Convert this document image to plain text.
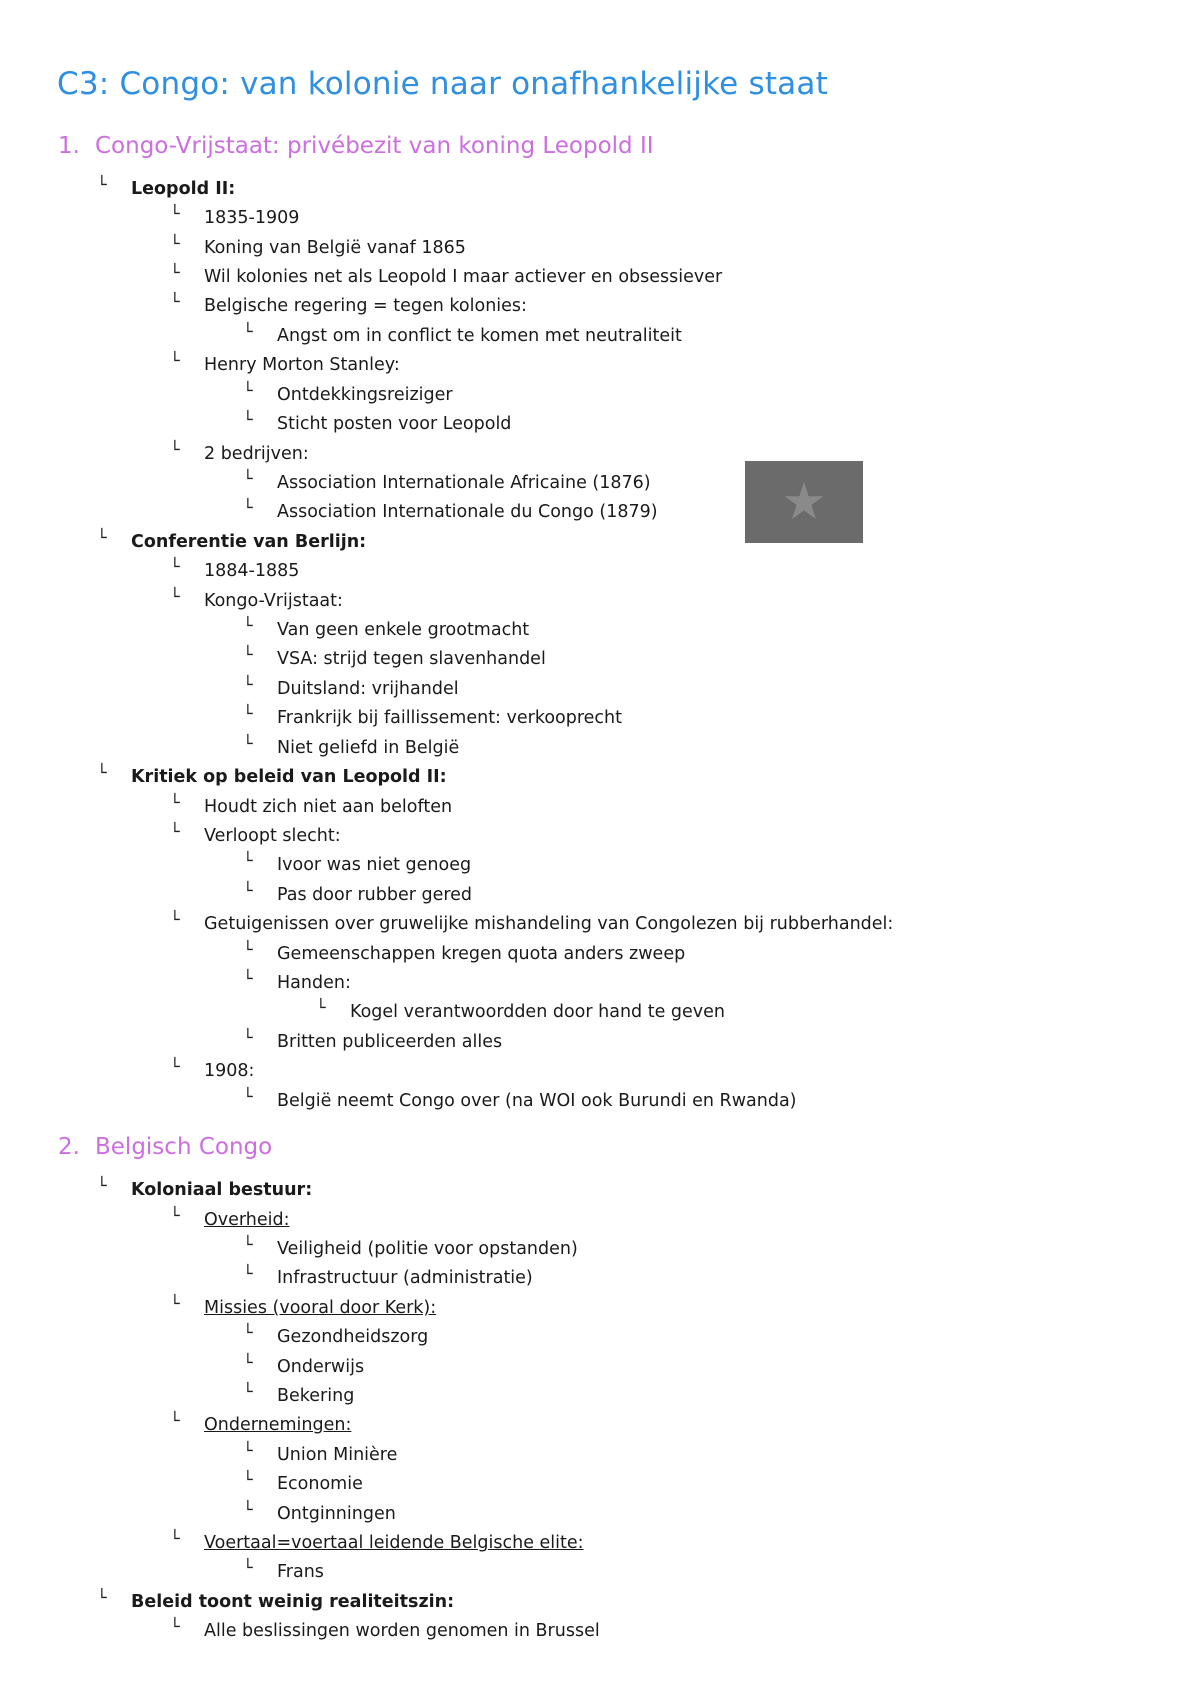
C3: Congo: van kolonie naar onafhankelijke staat
1. Congo-Vrijstaat: privébezit van koning Leopold II
└ Leopold II:
└ 1835-1909
└ Koning van België vanaf 1865
└ Wil kolonies net als Leopold I maar actiever en obsessiever
└ Belgische regering = tegen kolonies:
└ Angst om in conflict te komen met neutraliteit
└ Henry Morton Stanley:
└ Ontdekkingsreiziger
└ Sticht posten voor Leopold
└ 2 bedrijven:
└ Association Internationale Africaine (1876)
└ Association Internationale du Congo (1879)
└ Conferentie van Berlijn:
└ 1884-1885
└ Kongo-Vrijstaat:
└ Van geen enkele grootmacht
└ VSA: strijd tegen slavenhandel
└ Duitsland: vrijhandel
└ Frankrijk bij faillissement: verkooprecht
└ Niet geliefd in België
└ Kritiek op beleid van Leopold II:
└ Houdt zich niet aan beloften
└ Verloopt slecht:
└ Ivoor was niet genoeg
└ Pas door rubber gered
└ Getuigenissen over gruwelijke mishandeling van Congolezen bij rubberhandel:
└ Gemeenschappen kregen quota anders zweep
└ Handen:
└ Kogel verantwoordden door hand te geven
└ Britten publiceerden alles
└ 1908:
└ België neemt Congo over (na WOI ook Burundi en Rwanda)
2. Belgisch Congo
└ Koloniaal bestuur:
└ Overheid:
└ Veiligheid (politie voor opstanden)
└ Infrastructuur (administratie)
└ Missies (vooral door Kerk):
└ Gezondheidszorg
└ Onderwijs
└ Bekering
└ Ondernemingen:
└ Union Minière
└ Economie
└ Ontginningen
└ Voertaal=voertaal leidende Belgische elite:
└ Frans
└ Beleid toont weinig realiteitszin:
└ Alle beslissingen worden genomen in Brussel
